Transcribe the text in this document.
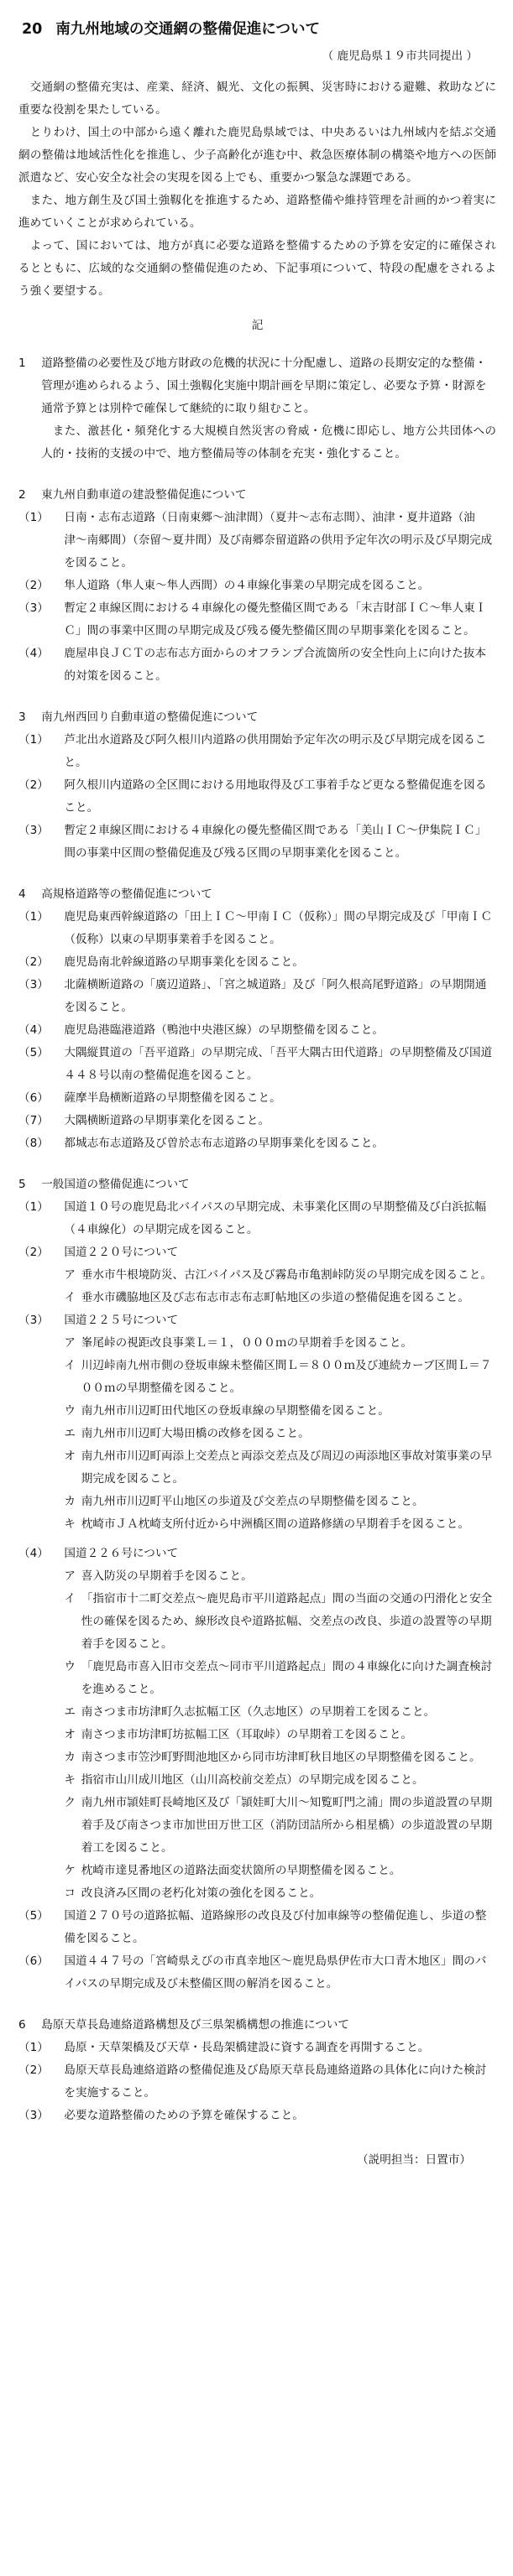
20 南九州地域の交通網の整備促進について
（ 鹿児島県１９市共同提出 ）

交通網の整備充実は、産業、経済、観光、文化の振興、災害時における避難、救助などに重要な役割を果たしている。

とりわけ、国土の中部から遠く離れた鹿児島県域では、中央あるいは九州域内を結ぶ交通網の整備は地域活性化を推進し、少子高齢化が進む中、救急医療体制の構築や地方への医師派遣など、安心安全な社会の実現を図る上でも、重要かつ緊急な課題である。

また、地方創生及び国土強靱化を推進するため、道路整備や維持管理を計画的かつ着実に進めていくことが求められている。

よって、国においては、地方が真に必要な道路を整備するための予算を安定的に確保されるとともに、広域的な交通網の整備促進のため、下記事項について、特段の配慮をされるよう強く要望する。

記
1 道路整備の必要性及び地方財政の危機的状況に十分配慮し、道路の長期安定的な整備・管理が進められるよう、国土強靱化実施中期計画を早期に策定し、必要な予算・財源を通常予算とは別枠で確保して継続的に取り組むこと。

また、激甚化・頻発化する大規模自然災害の脅威・危機に即応し、地方公共団体への人的・技術的支援の中で、地方整備局等の体制を充実・強化すること。

2 東九州自動車道の建設整備促進について
（1）	日南・志布志道路（日南東郷〜油津間）（夏井〜志布志間）、油津・夏井道路（油津〜南郷間）（奈留〜夏井間）及び南郷奈留道路の供用予定年次の明示及び早期完成を図ること。
（2）	隼人道路（隼人東〜隼人西間）の４車線化事業の早期完成を図ること。
（3）	暫定２車線区間における４車線化の優先整備区間である「末吉財部ＩＣ〜隼人東ＩＣ」間の事業中区間の早期完成及び残る優先整備区間の早期事業化を図ること。
（4）	鹿屋串良ＪＣＴの志布志方面からのオフランプ合流箇所の安全性向上に向けた抜本的対策を図ること。
3 南九州西回り自動車道の整備促進について
（1）	芦北出水道路及び阿久根川内道路の供用開始予定年次の明示及び早期完成を図ること。
（2）	阿久根川内道路の全区間における用地取得及び工事着手など更なる整備促進を図ること。
（3）	暫定２車線区間における４車線化の優先整備区間である「美山ＩＣ〜伊集院ＩＣ」間の事業中区間の整備促進及び残る区間の早期事業化を図ること。
4 高規格道路等の整備促進について
（1）	鹿児島東西幹線道路の「田上ＩＣ〜甲南ＩＣ（仮称）」間の早期完成及び「甲南ＩＣ（仮称）以東の早期事業着手を図ること。
（2）	鹿児島南北幹線道路の早期事業化を図ること。
（3）	北薩横断道路の「廣辺道路」、「宮之城道路」及び「阿久根高尾野道路」の早期開通を図ること。
（4）	鹿児島港臨港道路（鴨池中央港区線）の早期整備を図ること。
（5）	大隅縦貫道の「吾平道路」の早期完成、「吾平大隅古田代道路」の早期整備及び国道４４８号以南の整備促進を図ること。
（6）	薩摩半島横断道路の早期整備を図ること。
（7）	大隅横断道路の早期事業化を図ること。
（8）	都城志布志道路及び曽於志布志道路の早期事業化を図ること。
5 一般国道の整備促進について
（1）	国道１０号の鹿児島北バイパスの早期完成、未事業化区間の早期整備及び白浜拡幅（４車線化）の早期完成を図ること。
（2）	国道２２０号について
ア 垂水市牛根境防災、古江バイパス及び霧島市亀割峠防災の早期完成を図ること。
イ 垂水市磯脇地区及び志布志市志布志町帖地区の歩道の整備促進を図ること。
（3）	国道２２５号について
ア 峯尾峠の視距改良事業Ｌ＝１，０００ｍの早期着手を図ること。
イ 川辺峠南九州市側の登坂車線未整備区間Ｌ＝８００ｍ及び連続カーブ区間Ｌ＝７００ｍの早期整備を図ること。
ウ 南九州市川辺町田代地区の登坂車線の早期整備を図ること。
エ 南九州市川辺町大場田橋の改修を図ること。
オ 南九州市川辺町両添上交差点と両添交差点及び周辺の両添地区事故対策事業の早期完成を図ること。
カ 南九州市川辺町平山地区の歩道及び交差点の早期整備を図ること。
キ 枕崎市ＪＡ枕崎支所付近から中洲橋区間の道路修繕の早期着手を図ること。
（4）	国道２２６号について
ア 喜入防災の早期着手を図ること。
イ 「指宿市十二町交差点〜鹿児島市平川道路起点」間の当面の交通の円滑化と安全性の確保を図るため、線形改良や道路拡幅、交差点の改良、歩道の設置等の早期着手を図ること。
ウ 「鹿児島市喜入旧市交差点〜同市平川道路起点」間の４車線化に向けた調査検討を進めること。
エ 南さつま市坊津町久志拡幅工区（久志地区）の早期着工を図ること。
オ 南さつま市坊津町坊拡幅工区（耳取峠）の早期着工を図ること。
カ 南さつま市笠沙町野間池地区から同市坊津町秋目地区の早期整備を図ること。
キ 指宿市山川成川地区（山川高校前交差点）の早期完成を図ること。
ク 南九州市頴娃町長崎地区及び「頴娃町大川〜知覧町門之浦」間の歩道設置の早期着手及び南さつま市加世田万世工区（消防団詰所から相星橋）の歩道設置の早期着工を図ること。
ケ 枕崎市達見番地区の道路法面変状箇所の早期整備を図ること。
コ 改良済み区間の老朽化対策の強化を図ること。
（5）	国道２７０号の道路拡幅、道路線形の改良及び付加車線等の整備促進し、歩道の整備を図ること。
（6）	国道４４７号の「宮崎県えびの市真幸地区〜鹿児島県伊佐市大口青木地区」間のバイパスの早期完成及び未整備区間の解消を図ること。
6 島原天草長島連絡道路構想及び三県架橋構想の推進について
（1）	島原・天草架橋及び天草・長島架橋建設に資する調査を再開すること。
（2）	島原天草長島連絡道路の整備促進及び島原天草長島連絡道路の具体化に向けた検討を実施すること。
（3）	必要な道路整備のための予算を確保すること。
（説明担当：日置市）
